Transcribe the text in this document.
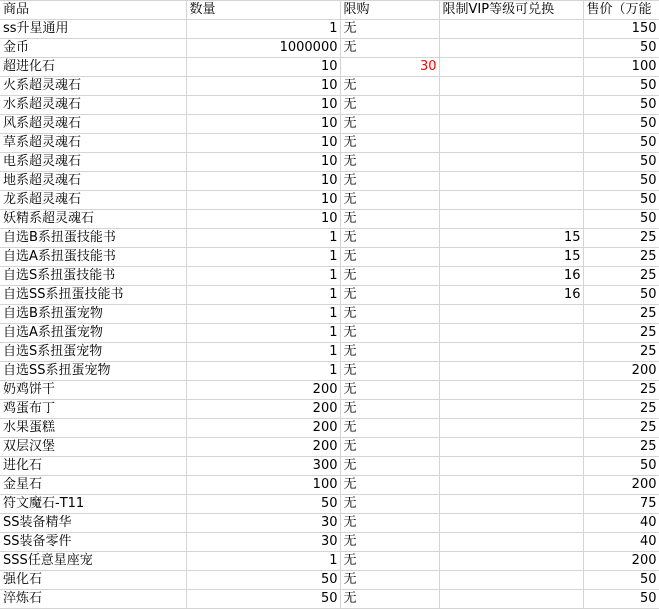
商品	数量	限购	限制VIP等级可兑换	售价（万能
ss升星通用	1	无		150
金币	1000000	无		50
超进化石	10	30		100
火系超灵魂石	10	无		50
水系超灵魂石	10	无		50
风系超灵魂石	10	无		50
草系超灵魂石	10	无		50
电系超灵魂石	10	无		50
地系超灵魂石	10	无		50
龙系超灵魂石	10	无		50
妖精系超灵魂石	10	无		50
自选B系扭蛋技能书	1	无	15	25
自选A系扭蛋技能书	1	无	15	25
自选S系扭蛋技能书	1	无	16	25
自选SS系扭蛋技能书	1	无	16	50
自选B系扭蛋宠物	1	无		25
自选A系扭蛋宠物	1	无		25
自选S系扭蛋宠物	1	无		25
自选SS系扭蛋宠物	1	无		200
奶鸡饼干	200	无		25
鸡蛋布丁	200	无		25
水果蛋糕	200	无		25
双层汉堡	200	无		25
进化石	300	无		50
金星石	100	无		200
符文魔石-T11	50	无		75
SS装备精华	30	无		40
SS装备零件	30	无		40
SSS任意星座宠	1	无		200
强化石	50	无		50
淬炼石	50	无		50
